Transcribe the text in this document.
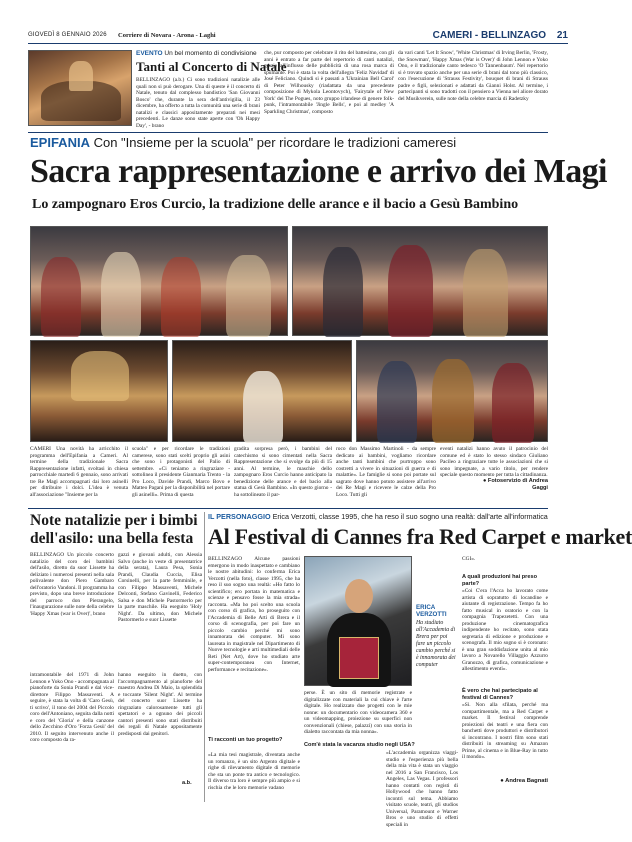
GIOVEDÌ 8 GENNAIO 2026 Corriere di Novara - Arona - Laghi	CAMERI - BELLINZAGO 21
EVENTO Un bel momento di condivisione
Tanti al Concerto di Natale
BELLINZAGO (a.b.) Ci sono tradizioni natalizie alle quali non si può derogare. Una di queste è il concerto di Natale, tenuto dal complesso bandistico 'San Giovanni Bosco' che, durante la sera dell'antivigilia, il 23 dicembre, ha offerto a tutta la comunità una serie di brani natalizi e classici appositamente preparati nei mesi precedenti. Le danze sono state aperte con 'Oh Happy Day', - brano
che, pur composto per celebrare il rito del battesimo, con gli anni è entrato a far parte del repertorio di canti natalizi, grazie all'influsso delle pubblicità di una rosa marca di spumante. Poi è stata la volta dell'allegra 'Feliz Navidad' di José Feliciano. Quindi si è passati a 'Ukrainian Bell Carol' di Peter Wilhousky (riadattata da una precedente composizione di Mykola Leontovych), 'Fairytale of New York' dei The Pogues, noto gruppo irlandese di genere folk-punk, l'intramontabile 'Jingle Bells', e poi al medley 'A Sparkling Christmas', composto
da vari canti 'Let It Snow', 'White Christmas' di Irving Berlin, 'Frosty, the Snowman', 'Happy Xmas (War is Over)' di John Lennon e Yoko Ono, e il tradizionale canto tedesco 'O Tannenbaum'. Nel repertorio si è trovato spazio anche per una serie di brani dal tono più classico, con l'esecuzione di 'Strauss Festivity', bouquet di brani di Strauss padre e figli, selezionati e adattati da Gianni Holst. Al termine, i partecipanti si sono tradotti con il pensiero a Vienna nel aliore dorato del Musikverein, sulle note della celebre marcia di Radetzky
EPIFANIA Con "Insieme per la scuola" per ricordare le tradizioni cameresi
Sacra rappresentazione e arrivo dei Magi
Lo zampognaro Eros Curcio, la tradizione delle arance e il bacio a Gesù Bambino
CAMERI Una novità ha arricchito il programma dell'Epifania a Cameri. Al termine della tradizionale Sacra Rappresentazione infatti, svoltasi in chiesa parrocchiale martedì 6 gennaio, sono arrivati tre Re Magi accompagnati dai loro asinelli per ditribuire i dolci. L'idea è venuta all'associazione "Insieme per la
scuola" e per ricordare le tradizioni camerese, sono stati scelti proprio gli asini che sono i protagonisti del Palio di settembre. «Ci teniamo a ringraziare - sottolinea il presidente Gianmaria Trento - la Pro Loco, Davide Prandi, Marco Bovo e Matteo Pagani per la disponibilità nel portare gli asinelli». Prima di questa
gradita sorpresa però, i bambini del catechismo si sono cimentati nella Sacra Rappresentazione che si svolge da più di 15 anni. Al termine, le maschie dello zampognaro Eros Curcio hanno anticipato la benedizione delle arance e del bacio alla statua di Gesù Bambino. «In questo giorno - ha sottolineato il par-
roco don Massimo Martinoli - da sempre dedicato ai bambini, vogliamo ricordare anche tanti bambini che purtroppo sono costretti a vivere in situazioni di guerra e di malattie». Le famiglie si sono poi portate sul sagrato dove hanno potuto assistere all'arrivo dei Re Magi e ricevere le calze della Pro Loco. Tutti gli
eventi natalizi hanno avuto il patrocinio del comune ed è stato lo stesso sindaco Giuliano Pacileo a ringraziare tutte le associazioni che si sono impegnate, a vario titolo, per rendere speciale questo momento per tutta la cittadinanza.
● Fotoservizio di Andrea Gaggi
Note natalizie per i bimbi dell'asilo: una bella festa
BELLINZAGO Un piccolo concerto natalizio del coro dei bambini dell'asilo, diretto da suor Lissette ha deliziato i numerosi presenti nella sala polivalente don Piero Gambaro dell'oratorio Vandoni. Il programma ha previsto, dopo una breve introduzione del parroco don Pierangelo, l'inaugurazione sulle note della celebre 'Happy Xmas (war is Over)', brano
intramontabile del 1971 di John Lennon e Yoko Ono - accompagnata al pianoforte da Sonia Prandi e dal vice-direttore Filippo Massaventi. A seguire, è stata la volta di 'Caro Gesù, ti scrivo', il tono del 2004 del Piccolo coro dell'Antoniano, seguita dalla notti e coro del 'Gloria' e della canzone dello Zecchino d'Oro 'Forza Gesù' del 2010. Il seguito intervenuto anche il coro composto da ra-
gazzi e giovani adulti, con Alessia Salvo (anche in veste di presentatrice della serata), Laura Pesa, Sonia Prandi, Claudia Cuccia, Elisa Corsinelli, per la parte femminile, e con Filippo Massaventi, Michele Delconti, Stefano Gavinelli, Federico Salsa e don Michele Pastormerlo per la parte maschile. Ha eseguito 'Holy Night'. Da ultimo, don Michele Pastormerlo e suor Lissette
hanno eseguito in duetto, con l'accompagnamento al pianoforte del maestro Andrea Di Maio, la splendida e toccante 'Silent Night'. Al termine del concerto suor Lissette ha ringraziato calorosamente tutti gli spettatori e a ognuno dei piccoli cantori presenti sono stati distribuiti dei regali di Natale appositamente predisposti dai genitori.
a.b.
IL PERSONAGGIO Erica Verzotti, classe 1995, che ha reso il suo sogno una realtà: dall'arte all'informatica
Al Festival di Cannes fra Red Carpet e market
BELLINZAGO Alcune passioni emergono in modo inaspettato e cambiano le nostre abitudini: lo conferma Erica Verzotti (nella foto), classe 1995, che ha reso il suo sogno una realtà: «Ho fatto lo scientifico; ero portata in matematica e scienze e pensavo fosse la mia strada» racconta. «Ma ho poi scelto una scuola con corso di grafica, ho proseguito con l'Accademia di Belle Arti di Brera e il corso di scenografia, per poi fare un piccolo cambio perché mi sono innamorata dei computer. Mi sono laureata in magistrale nel Dipartimento di Nuove tecnologie e arti multimediali delle Reti (Net Art), dove ho studiato arte super-contemporanea con Internet, performance e recitazione».
Ti racconti un tuo progetto?
«La mia tesi magistrale, diventata anche un romanzo, è un sito Argento digitale e righe di rilevamento digitale di memorie che sta un ponte tra antico e tecnologico. Il diverso tra loro è sempre più ampio e si rischia che le loro memorie vadano
ERICA VERZOTTI
Ha studiato all'Accademia di Brera per poi fare un piccolo cambio perché si è innamorata dei computer
perse. È un sito di memorie registrate e digitalizzate con materiali la cui chiave è l'arte digitale. Ho realizzato due progetti con le mie nonne: un documentario con videocamera 360 e un videomapping, proiezione su superfici non convenzionali (chiese, palazzi) con una storia in dialetto raccontata da mia nonna».
Com'è stata la vacanza studio negli USA?
«L'accademia organizza viaggi-studio e l'esperienza più bella della mia vita è stata un viaggio nel 2016 a San Francisco, Los Angeles, Las Vegas. I professori hanno contatti con registi di Hollywood che hanno fatto incontri sul tema. Abbiamo visitato scuole, teatri, gli studios Universal, Paramount e Warner Bros e uno studio di effetti speciali in
CGI».
A quali produzioni hai preso parte?
«Coi C'era l'Acca ho lavorato come artista di sopratutto di locandine e aiutante di registrazione. Tempo fa ho fatto musical in oratorio e con la compagnia Trapezetetti. Con una produzione cinematografica indipendente ho recitato, sono stata segretaria di edizione e produzione e scenografa. Il mio sogno si è coronato: è una gran soddisfazione unita al mio lavoro a Novarello Villaggio Azzurro Granozzo, di grafica, comunicazione e allestimento eventi».
È vero che hai partecipato al festival di Cannes?
«Sì. Non alla sfilata, perché ma compartimentale, ma a Red Carpet e market. Il festival comprende proiezioni dei teatri e una fiera con banchetti dove produttori e distributori si incontrano. I nostri film sono stati distribuiti in streaming su Amazon Prime, al cinema e in Blue-Ray in tutto il mondo».
● Andrea Bagnati
